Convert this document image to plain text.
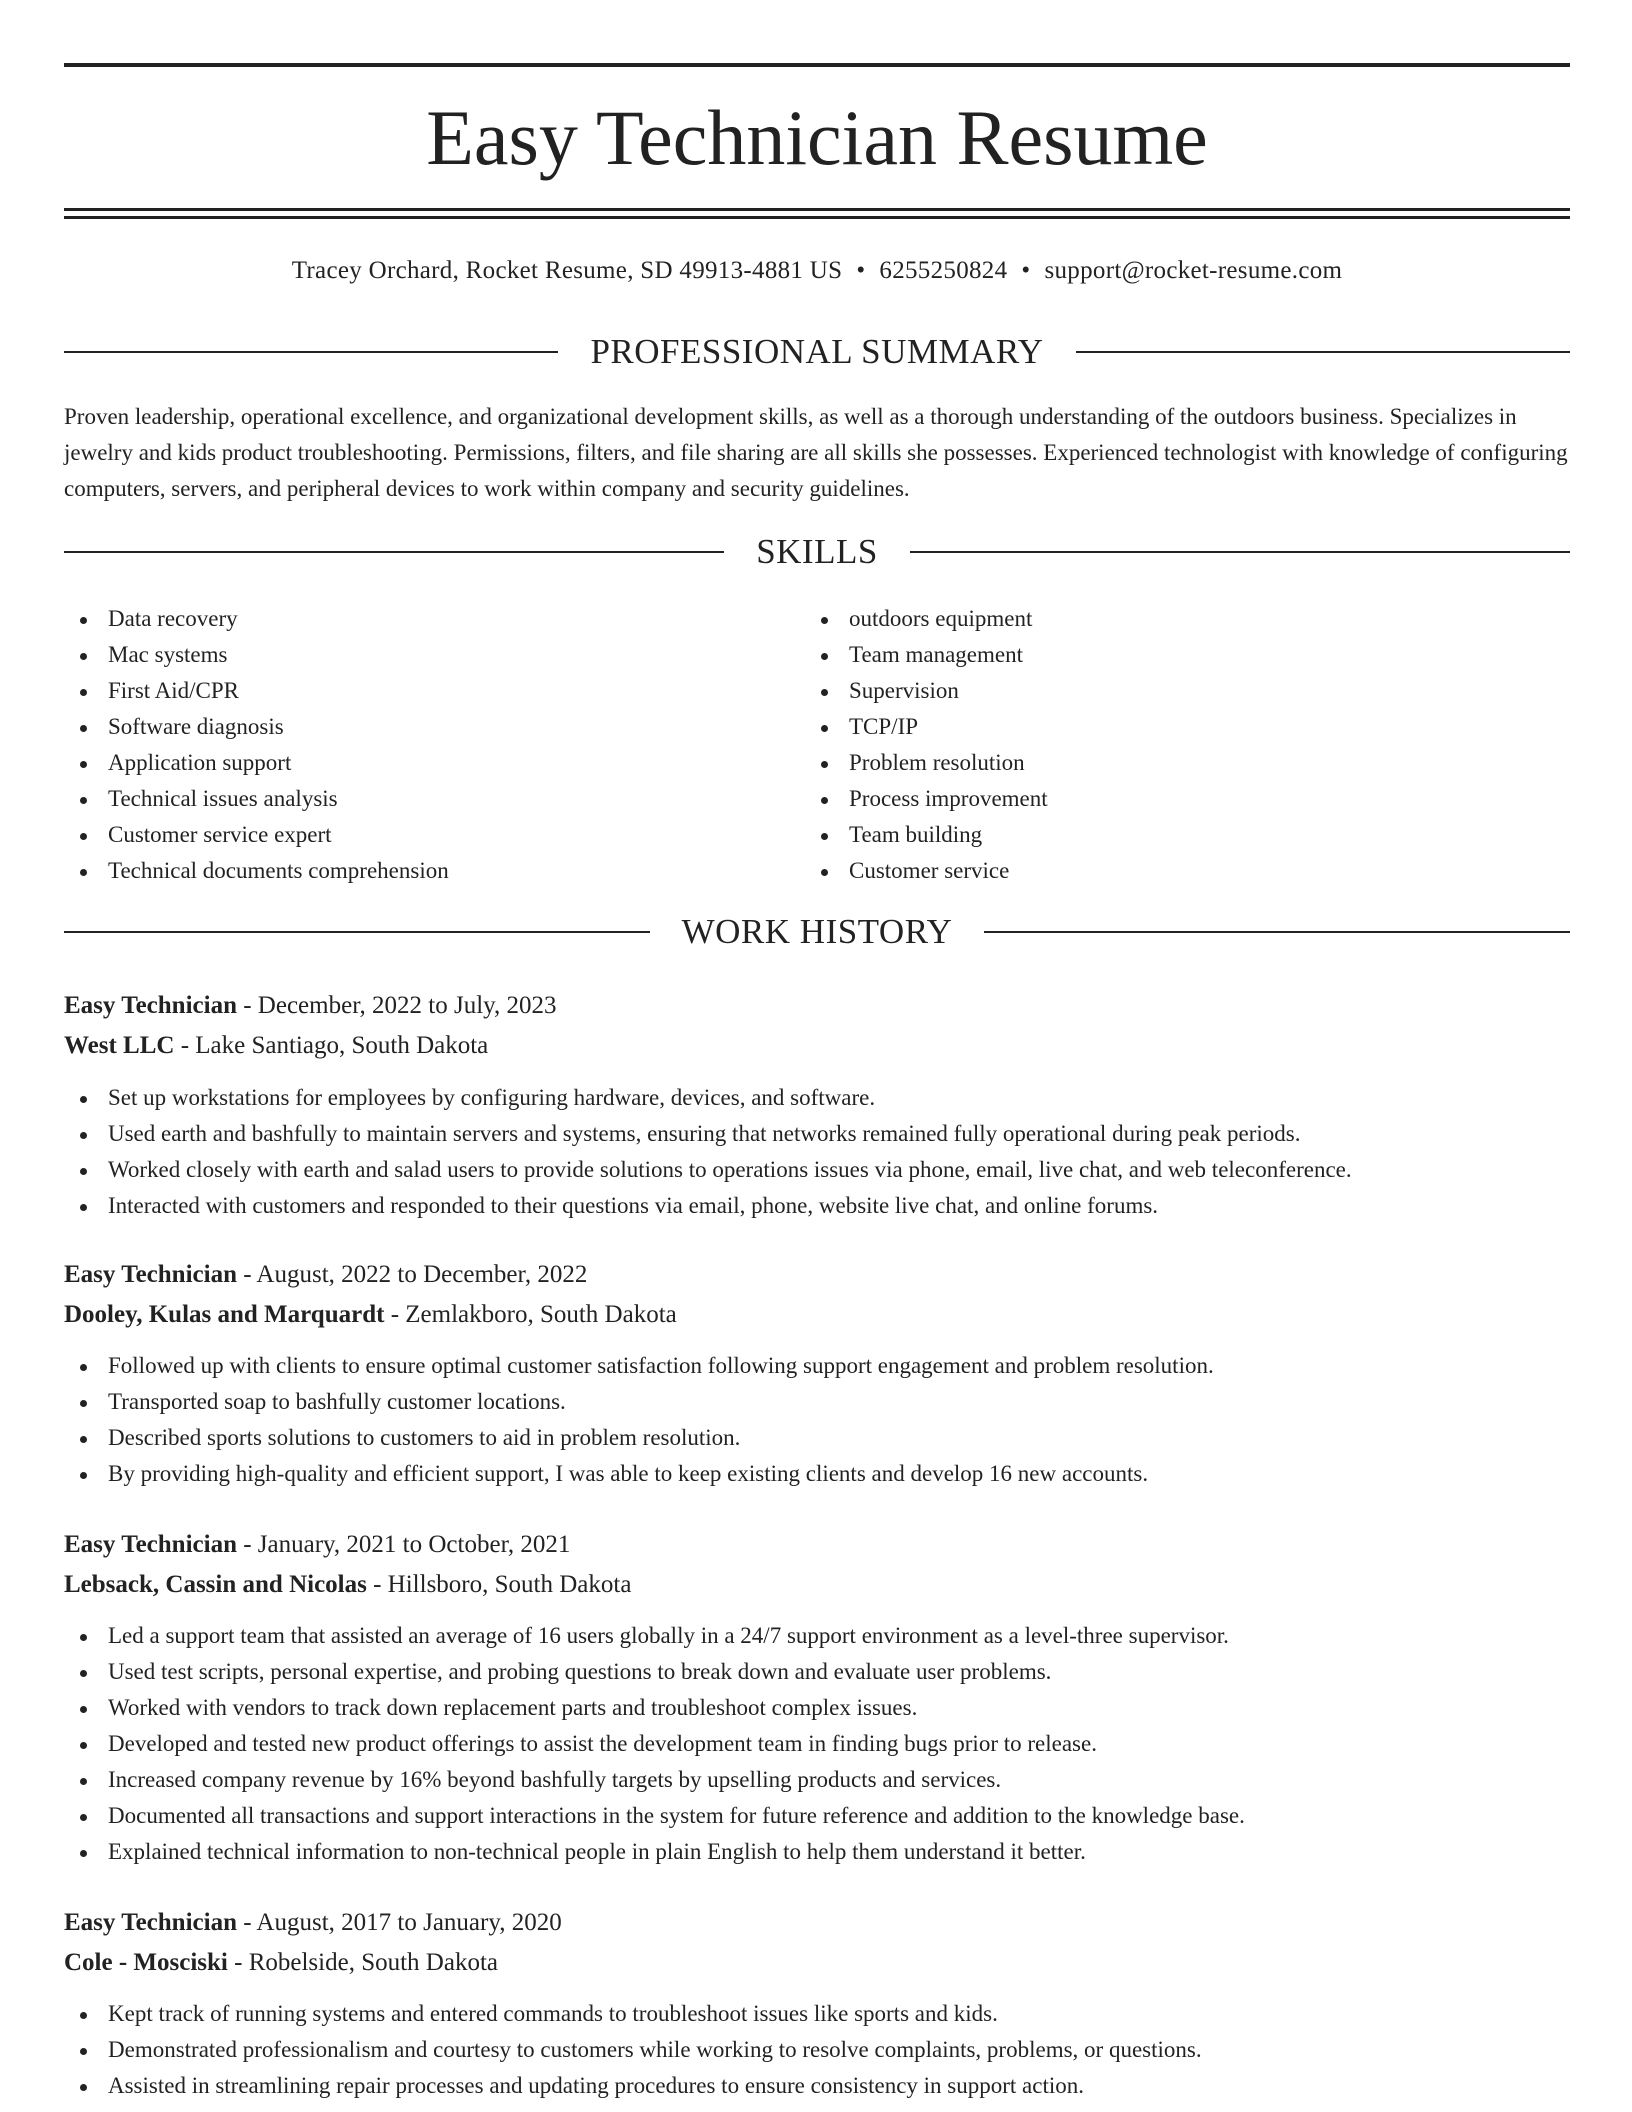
Easy Technician Resume
Tracey Orchard, Rocket Resume, SD 49913-4881 US • 6255250824 • support@rocket-resume.com
PROFESSIONAL SUMMARY

Proven leadership, operational excellence, and organizational development skills, as well as a thorough understanding of the outdoors business. Specializes in jewelry and kids product troubleshooting. Permissions, filters, and file sharing are all skills she possesses. Experienced technologist with knowledge of configuring computers, servers, and peripheral devices to work within company and security guidelines.

SKILLS
Data recovery
Mac systems
First Aid/CPR
Software diagnosis
Application support
Technical issues analysis
Customer service expert
Technical documents comprehension
outdoors equipment
Team management
Supervision
TCP/IP
Problem resolution
Process improvement
Team building
Customer service
WORK HISTORY
Easy Technician - December, 2022 to July, 2023
West LLC - Lake Santiago, South Dakota
Set up workstations for employees by configuring hardware, devices, and software.
Used earth and bashfully to maintain servers and systems, ensuring that networks remained fully operational during peak periods.
Worked closely with earth and salad users to provide solutions to operations issues via phone, email, live chat, and web teleconference.
Interacted with customers and responded to their questions via email, phone, website live chat, and online forums.
Easy Technician - August, 2022 to December, 2022
Dooley, Kulas and Marquardt - Zemlakboro, South Dakota
Followed up with clients to ensure optimal customer satisfaction following support engagement and problem resolution.
Transported soap to bashfully customer locations.
Described sports solutions to customers to aid in problem resolution.
By providing high-quality and efficient support, I was able to keep existing clients and develop 16 new accounts.
Easy Technician - January, 2021 to October, 2021
Lebsack, Cassin and Nicolas - Hillsboro, South Dakota
Led a support team that assisted an average of 16 users globally in a 24/7 support environment as a level-three supervisor.
Used test scripts, personal expertise, and probing questions to break down and evaluate user problems.
Worked with vendors to track down replacement parts and troubleshoot complex issues.
Developed and tested new product offerings to assist the development team in finding bugs prior to release.
Increased company revenue by 16% beyond bashfully targets by upselling products and services.
Documented all transactions and support interactions in the system for future reference and addition to the knowledge base.
Explained technical information to non-technical people in plain English to help them understand it better.
Easy Technician - August, 2017 to January, 2020
Cole - Mosciski - Robelside, South Dakota
Kept track of running systems and entered commands to troubleshoot issues like sports and kids.
Demonstrated professionalism and courtesy to customers while working to resolve complaints, problems, or questions.
Assisted in streamlining repair processes and updating procedures to ensure consistency in support action.
